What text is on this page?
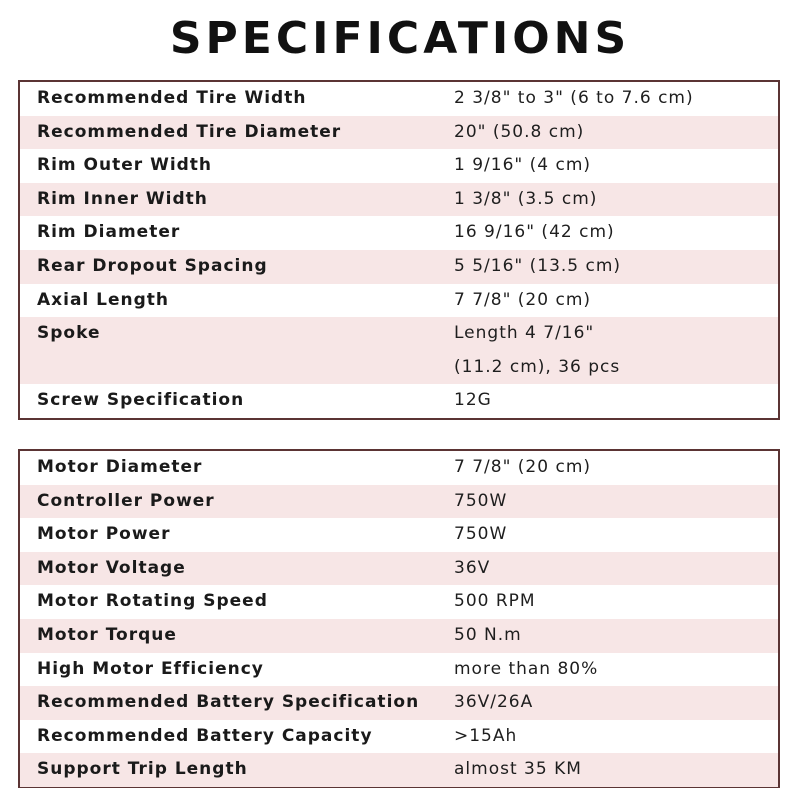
SPECIFICATIONS
Recommended Tire Width	2 3/8" to 3" (6 to 7.6 cm)
Recommended Tire Diameter	20" (50.8 cm)
Rim Outer Width	1 9/16" (4 cm)
Rim Inner Width	1 3/8" (3.5 cm)
Rim Diameter	16 9/16" (42 cm)
Rear Dropout Spacing	5 5/16" (13.5 cm)
Axial Length	7 7/8" (20 cm)
Spoke	Length 4 7/16"
(11.2 cm), 36 pcs
Screw Specification	12G
Motor Diameter	7 7/8" (20 cm)
Controller Power	750W
Motor Power	750W
Motor Voltage	36V
Motor Rotating Speed	500 RPM
Motor Torque	50 N.m
High Motor Efficiency	more than 80%
Recommended Battery Specification 36V/26A
Recommended Battery Capacity	>15Ah
Support Trip Length	almost 35 KM
